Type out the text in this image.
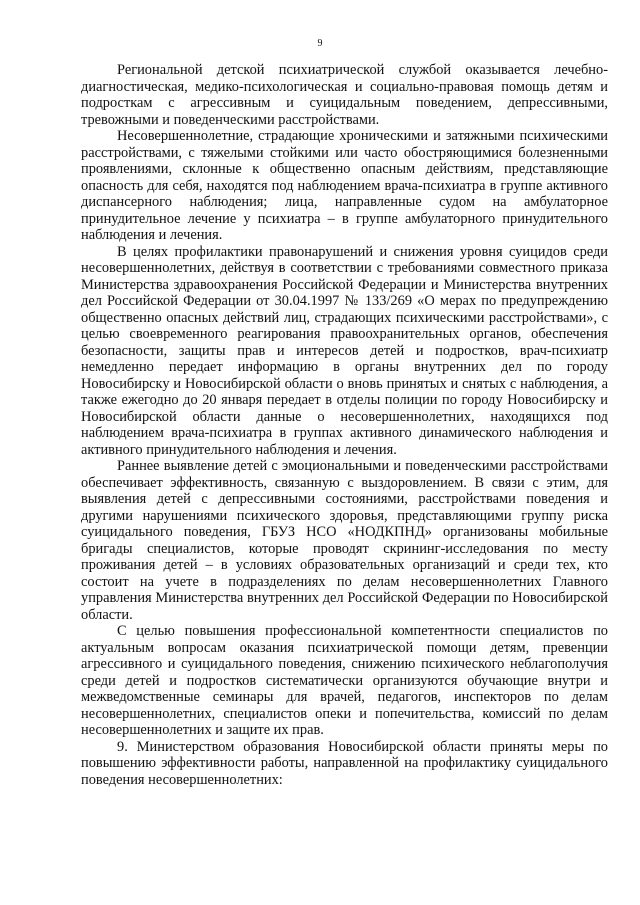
9

Региональной детской психиатрической службой оказывается лечебно-диагностическая, медико-психологическая и социально-правовая помощь детям и подросткам с агрессивным и суицидальным поведением, депрессивными, тревожными и поведенческими расстройствами.

Несовершеннолетние, страдающие хроническими и затяжными психическими расстройствами, с тяжелыми стойкими или часто обостряющимися болезненными проявлениями, склонные к общественно опасным действиям, представляющие опасность для себя, находятся под наблюдением врача-психиатра в группе активного диспансерного наблюдения; лица, направленные судом на амбулаторное принудительное лечение у психиатра – в группе амбулаторного принудительного наблюдения и лечения.

В целях профилактики правонарушений и снижения уровня суицидов среди несовершеннолетних, действуя в соответствии с требованиями совместного приказа Министерства здравоохранения Российской Федерации и Министерства внутренних дел Российской Федерации от 30.04.1997 № 133/269 «О мерах по предупреждению общественно опасных действий лиц, страдающих психическими расстройствами», с целью своевременного реагирования правоохранительных органов, обеспечения безопасности, защиты прав и интересов детей и подростков, врач-психиатр немедленно передает информацию в органы внутренних дел по городу Новосибирску и Новосибирской области о вновь принятых и снятых с наблюдения, а также ежегодно до 20 января передает в отделы полиции по городу Новосибирску и Новосибирской области данные о несовершеннолетних, находящихся под наблюдением врача-психиатра в группах активного динамического наблюдения и активного принудительного наблюдения и лечения.

Раннее выявление детей с эмоциональными и поведенческими расстройствами обеспечивает эффективность, связанную с выздоровлением. В связи с этим, для выявления детей с депрессивными состояниями, расстройствами поведения и другими нарушениями психического здоровья, представляющими группу риска суицидального поведения, ГБУЗ НСО «НОДКПНД» организованы мобильные бригады специалистов, которые проводят скрининг-исследования по месту проживания детей – в условиях образовательных организаций и среди тех, кто состоит на учете в подразделениях по делам несовершеннолетних Главного управления Министерства внутренних дел Российской Федерации по Новосибирской области.

С целью повышения профессиональной компетентности специалистов по актуальным вопросам оказания психиатрической помощи детям, превенции агрессивного и суицидального поведения, снижению психического неблагополучия среди детей и подростков систематически организуются обучающие внутри и межведомственные семинары для врачей, педагогов, инспекторов по делам несовершеннолетних, специалистов опеки и попечительства, комиссий по делам несовершеннолетних и защите их прав.

9. Министерством образования Новосибирской области приняты меры по повышению эффективности работы, направленной на профилактику суицидального поведения несовершеннолетних:
